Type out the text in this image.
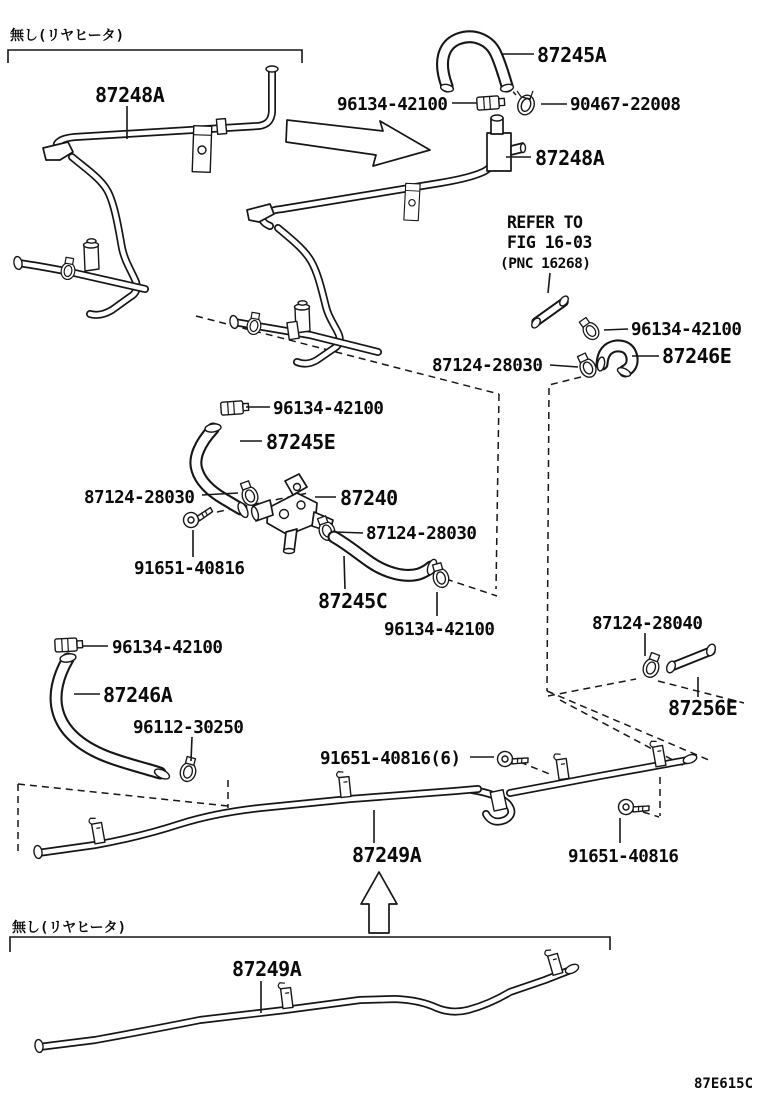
無し(リヤヒータ)
無し(リヤヒータ)
87248A
87245A
96134-42100	90467-22008
87248A
96134-42100
87246E
87124-28030
96134-42100
87245E
87124-28030	87240
87124-28030
91651-40816
87245C
96134-42100	87124-28040
87256E
96134-42100
87246A
96112-30250
91651-40816(6)
87249A	91651-40816
87249A
REFER TO
FIG 16-03
(PNC 16268)
87E615C
